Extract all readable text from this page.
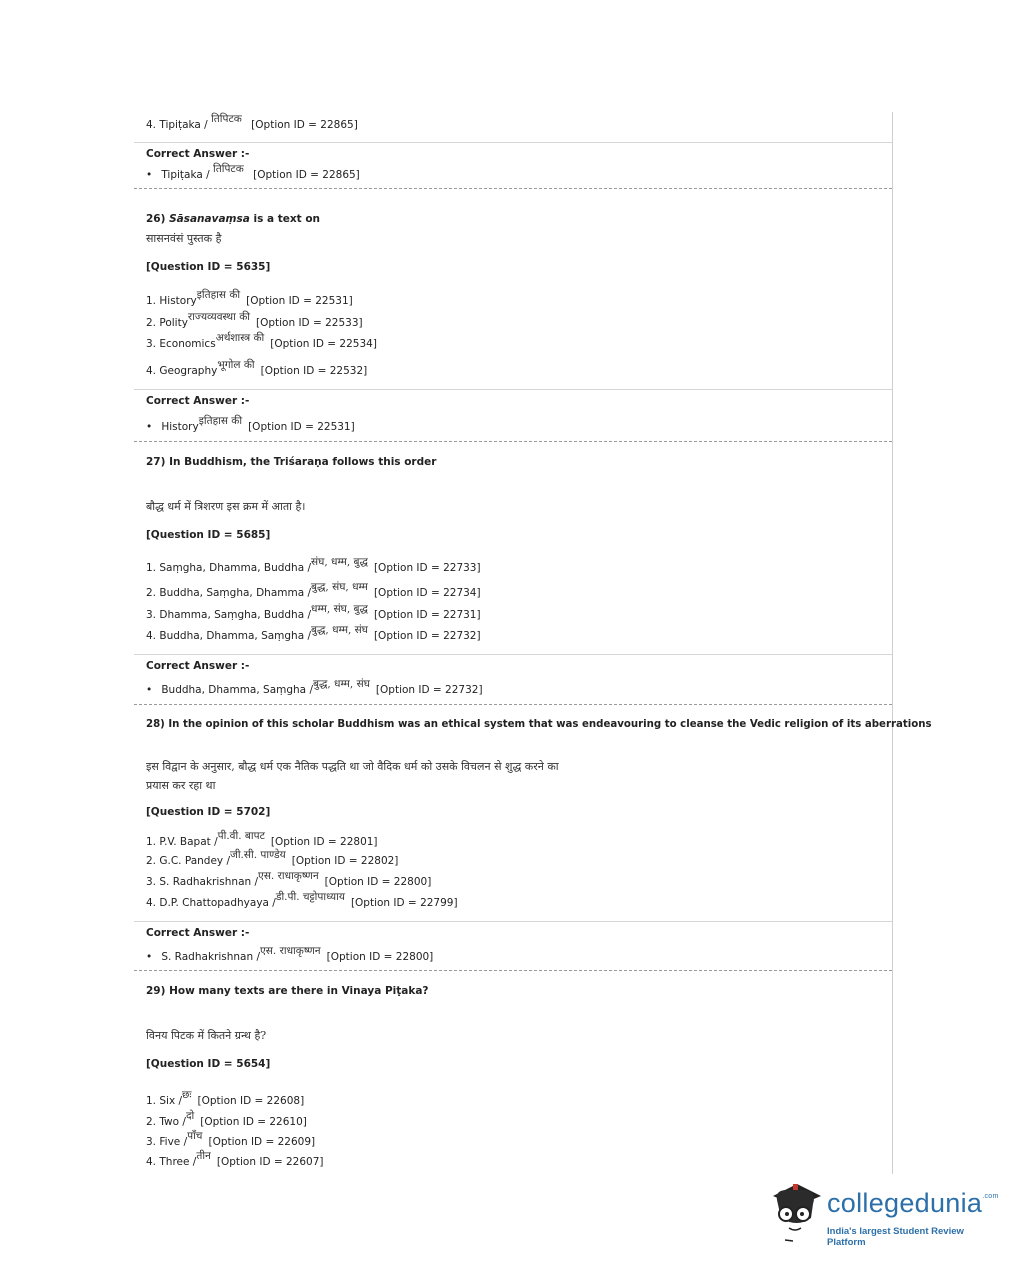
4. Tipiṭaka / तिपिटक [Option ID = 22865]
Correct Answer :-
• Tipiṭaka / तिपिटक [Option ID = 22865]
26) Sāsanavaṃsa is a text on
सासनवंसं पुस्तक है
[Question ID = 5635]
1. Historyइतिहास की [Option ID = 22531]
2. Polityराज्यव्यवस्था की [Option ID = 22533]
3. Economicsअर्थशास्त्र की [Option ID = 22534]
4. Geographyभूगोल की [Option ID = 22532]
Correct Answer :-
• Historyइतिहास की [Option ID = 22531]
27) In Buddhism, the Triśaraṇa follows this order
बौद्ध धर्म में त्रिशरण इस क्रम में आता है।
[Question ID = 5685]
1. Saṃgha, Dhamma, Buddha /संघ, धम्म, बुद्ध [Option ID = 22733]
2. Buddha, Saṃgha, Dhamma /बुद्ध, संघ, धम्म [Option ID = 22734]
3. Dhamma, Saṃgha, Buddha /धम्म, संघ, बुद्ध [Option ID = 22731]
4. Buddha, Dhamma, Saṃgha /बुद्ध, धम्म, संघ [Option ID = 22732]
Correct Answer :-
• Buddha, Dhamma, Saṃgha /बुद्ध, धम्म, संघ [Option ID = 22732]
28) In the opinion of this scholar Buddhism was an ethical system that was endeavouring to cleanse the Vedic religion of its aberrations
इस विद्वान के अनुसार, बौद्ध धर्म एक नैतिक पद्धति था जो वैदिक धर्म को उसके विचलन से शुद्ध करने का
प्रयास कर रहा था
[Question ID = 5702]
1. P.V. Bapat /पी.वी. बापट [Option ID = 22801]
2. G.C. Pandey /जी.सी. पाण्डेय [Option ID = 22802]
3. S. Radhakrishnan /एस. राधाकृष्णन [Option ID = 22800]
4. D.P. Chattopadhyaya /डी.पी. चट्टोपाध्याय [Option ID = 22799]
Correct Answer :-
• S. Radhakrishnan /एस. राधाकृष्णन [Option ID = 22800]
29) How many texts are there in Vinaya Piṭaka?
विनय पिटक में कितने ग्रन्थ है?
[Question ID = 5654]
1. Six /छः [Option ID = 22608]
2. Two /दो [Option ID = 22610]
3. Five /पाँच [Option ID = 22609]
4. Three /तीन [Option ID = 22607]
collegedunia$^{.com}$
India's largest Student Review Platform
